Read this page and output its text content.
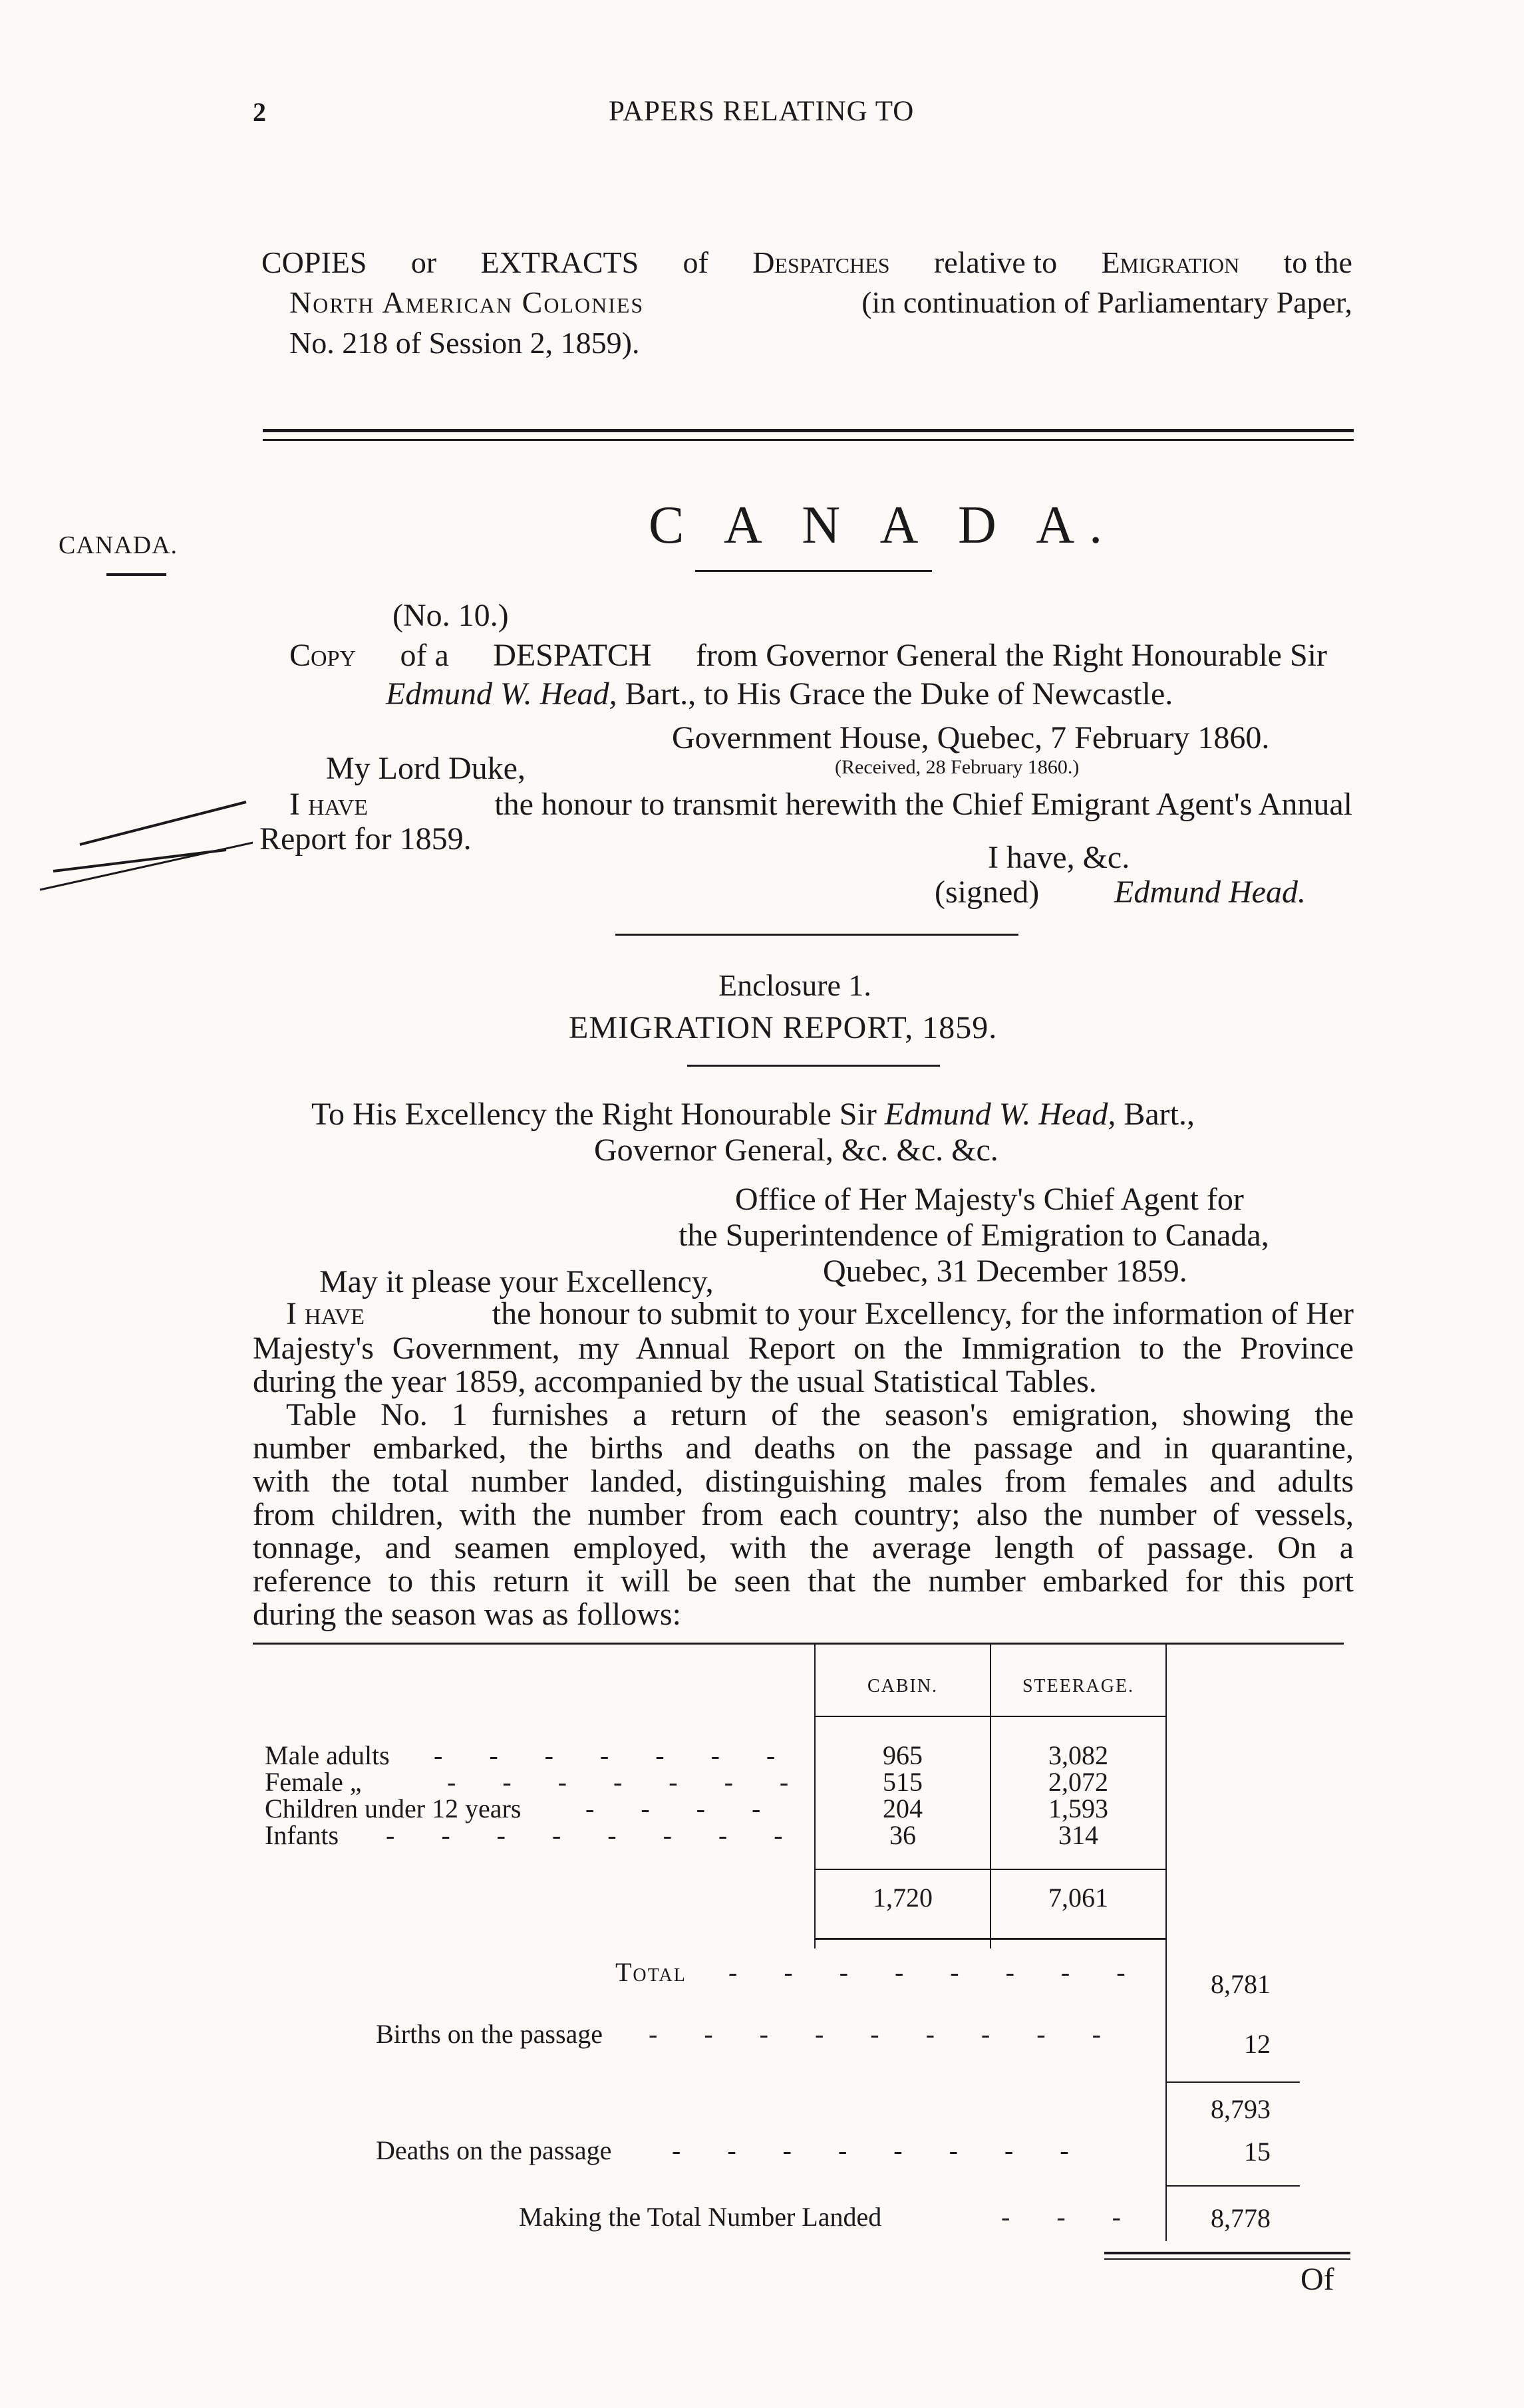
2	PAPERS RELATING TO
COPIES or EXTRACTS of Despatches relative to Emigration to the
North American Colonies	(in continuation of Parliamentary Paper,
No. 218 of Session 2, 1859).
CANADA.	C A N A D A.
(No. 10.)
Copy of a DESPATCH from Governor General the Right Honourable Sir
Edmund W. Head, Bart., to His Grace the Duke of Newcastle.
Government House, Quebec, 7 February 1860.
My Lord Duke,	(Received, 28 February 1860.)
I have	the honour to transmit herewith the Chief Emigrant Agent's Annual
Report for 1859.
I have, &c.
(signed) Edmund Head.
Enclosure 1.
EMIGRATION REPORT, 1859.
To His Excellency the Right Honourable Sir Edmund W. Head, Bart.,
Governor General, &c. &c. &c.
Office of Her Majesty's Chief Agent for
the Superintendence of Emigration to Canada,
Quebec, 31 December 1859.
May it please your Excellency,
I have	the honour to submit to your Excellency, for the information of Her
Majesty's Government, my Annual Report on the Immigration to the Province
during the year 1859, accompanied by the usual Statistical Tables.
Table No. 1 furnishes a return of the season's emigration, showing the
number embarked, the births and deaths on the passage and in quarantine,
with the total number landed, distinguishing males from females and adults
from children, with the number from each country; also the number of vessels,
tonnage, and seamen employed, with the average length of passage. On a
reference to this return it will be seen that the number embarked for this port
during the season was as follows:
CABIN.	STEERAGE.
Male adults - - - - - - -	965	3,082
Female „	- - - - - - -	515	2,072
Children under 12 years - - - -	204	1,593
Infants - - - - - - - -	36	314
1,720	7,061
Total - - - - - - - -	8,781
Births on the passage - - - - - - - - -	12
8,793
Deaths on the passage - - - - - - - -	15
Making the Total Number Landed	- - -	8,778
Of
